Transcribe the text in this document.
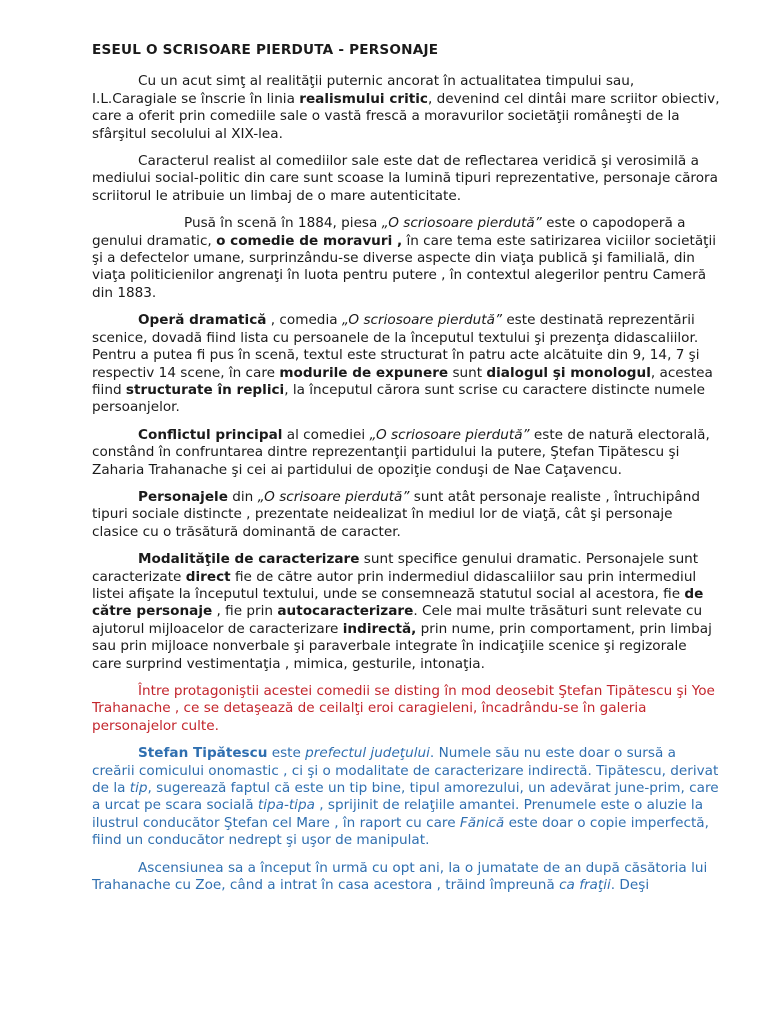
ESEUL O SCRISOARE PIERDUTA - PERSONAJE

Cu un acut simţ al realităţii puternic ancorat în actualitatea timpului sau, I.L.Caragiale se înscrie în linia realismului critic, devenind cel dintâi mare scriitor obiectiv, care a oferit prin comediile sale o vastă frescă a moravurilor societăţii româneşti de la sfârşitul secolului al XIX-lea.

Caracterul realist al comediilor sale este dat de reflectarea veridică şi verosimilă a mediului social-politic din care sunt scoase la lumină tipuri reprezentative, personaje cărora scriitorul le atribuie un limbaj de o mare autenticitate.

Pusă în scenă în 1884, piesa „O scriosoare pierdută” este o capodoperă a genului dramatic, o comedie de moravuri , în care tema este satirizarea viciilor societăţii şi a defectelor umane, surprinzându-se diverse aspecte din viaţa publică şi familială, din viaţa politicienilor angrenaţi în luota pentru putere , în contextul alegerilor pentru Cameră din 1883.

Operă dramatică , comedia „O scriosoare pierdută” este destinată reprezentării scenice, dovadă fiind lista cu persoanele de la începutul textului şi prezenţa didascaliilor. Pentru a putea fi pus în scenă, textul este structurat în patru acte alcătuite din 9, 14, 7 şi respectiv 14 scene, în care modurile de expunere sunt dialogul şi monologul, acestea fiind structurate în replici, la începutul cărora sunt scrise cu caractere distincte numele persoanjelor.

Conflictul principal al comediei „O scriosoare pierdută” este de natură electorală, constând în confruntarea dintre reprezentanţii partidului la putere, Ştefan Tipătescu şi Zaharia Trahanache şi cei ai partidului de opoziţie conduşi de Nae Caţavencu.

Personajele din „O scrisoare pierdută” sunt atât personaje realiste , întruchipând tipuri sociale distincte , prezentate neidealizat în mediul lor de viaţă, cât şi personaje clasice cu o trăsătură dominantă de caracter.

Modalităţile de caracterizare sunt specifice genului dramatic. Personajele sunt caracterizate direct fie de către autor prin indermediul didascaliilor sau prin intermediul listei afişate la începutul textului, unde se consemnează statutul social al acestora, fie de către personaje , fie prin autocaracterizare. Cele mai multe trăsături sunt relevate cu ajutorul mijloacelor de caracterizare indirectă, prin nume, prin comportament, prin limbaj sau prin mijloace nonverbale şi paraverbale integrate în indicaţiile scenice şi regizorale care surprind vestimentaţia , mimica, gesturile, intonaţia.

Între protagoniştii acestei comedii se disting în mod deosebit Ştefan Tipătescu şi Yoe Trahanache , ce se detaşează de ceilalţi eroi caragieleni, încadrându-se în galeria personajelor culte.

Stefan Tipătescu este prefectul judeţului. Numele său nu este doar o sursă a creării comicului onomastic , ci şi o modalitate de caracterizare indirectă. Tipătescu, derivat de la tip, sugerează faptul că este un tip bine, tipul amorezului, un adevărat june-prim, care a urcat pe scara socială tipa-tipa , sprijinit de relaţiile amantei. Prenumele este o aluzie la ilustrul conducător Ştefan cel Mare , în raport cu care Fănică este doar o copie imperfectă, fiind un conducător nedrept şi uşor de manipulat.

Ascensiunea sa a început în urmă cu opt ani, la o jumatate de an după căsătoria lui Trahanache cu Zoe, când a intrat în casa acestora , trăind împreună ca fraţii. Deşi
